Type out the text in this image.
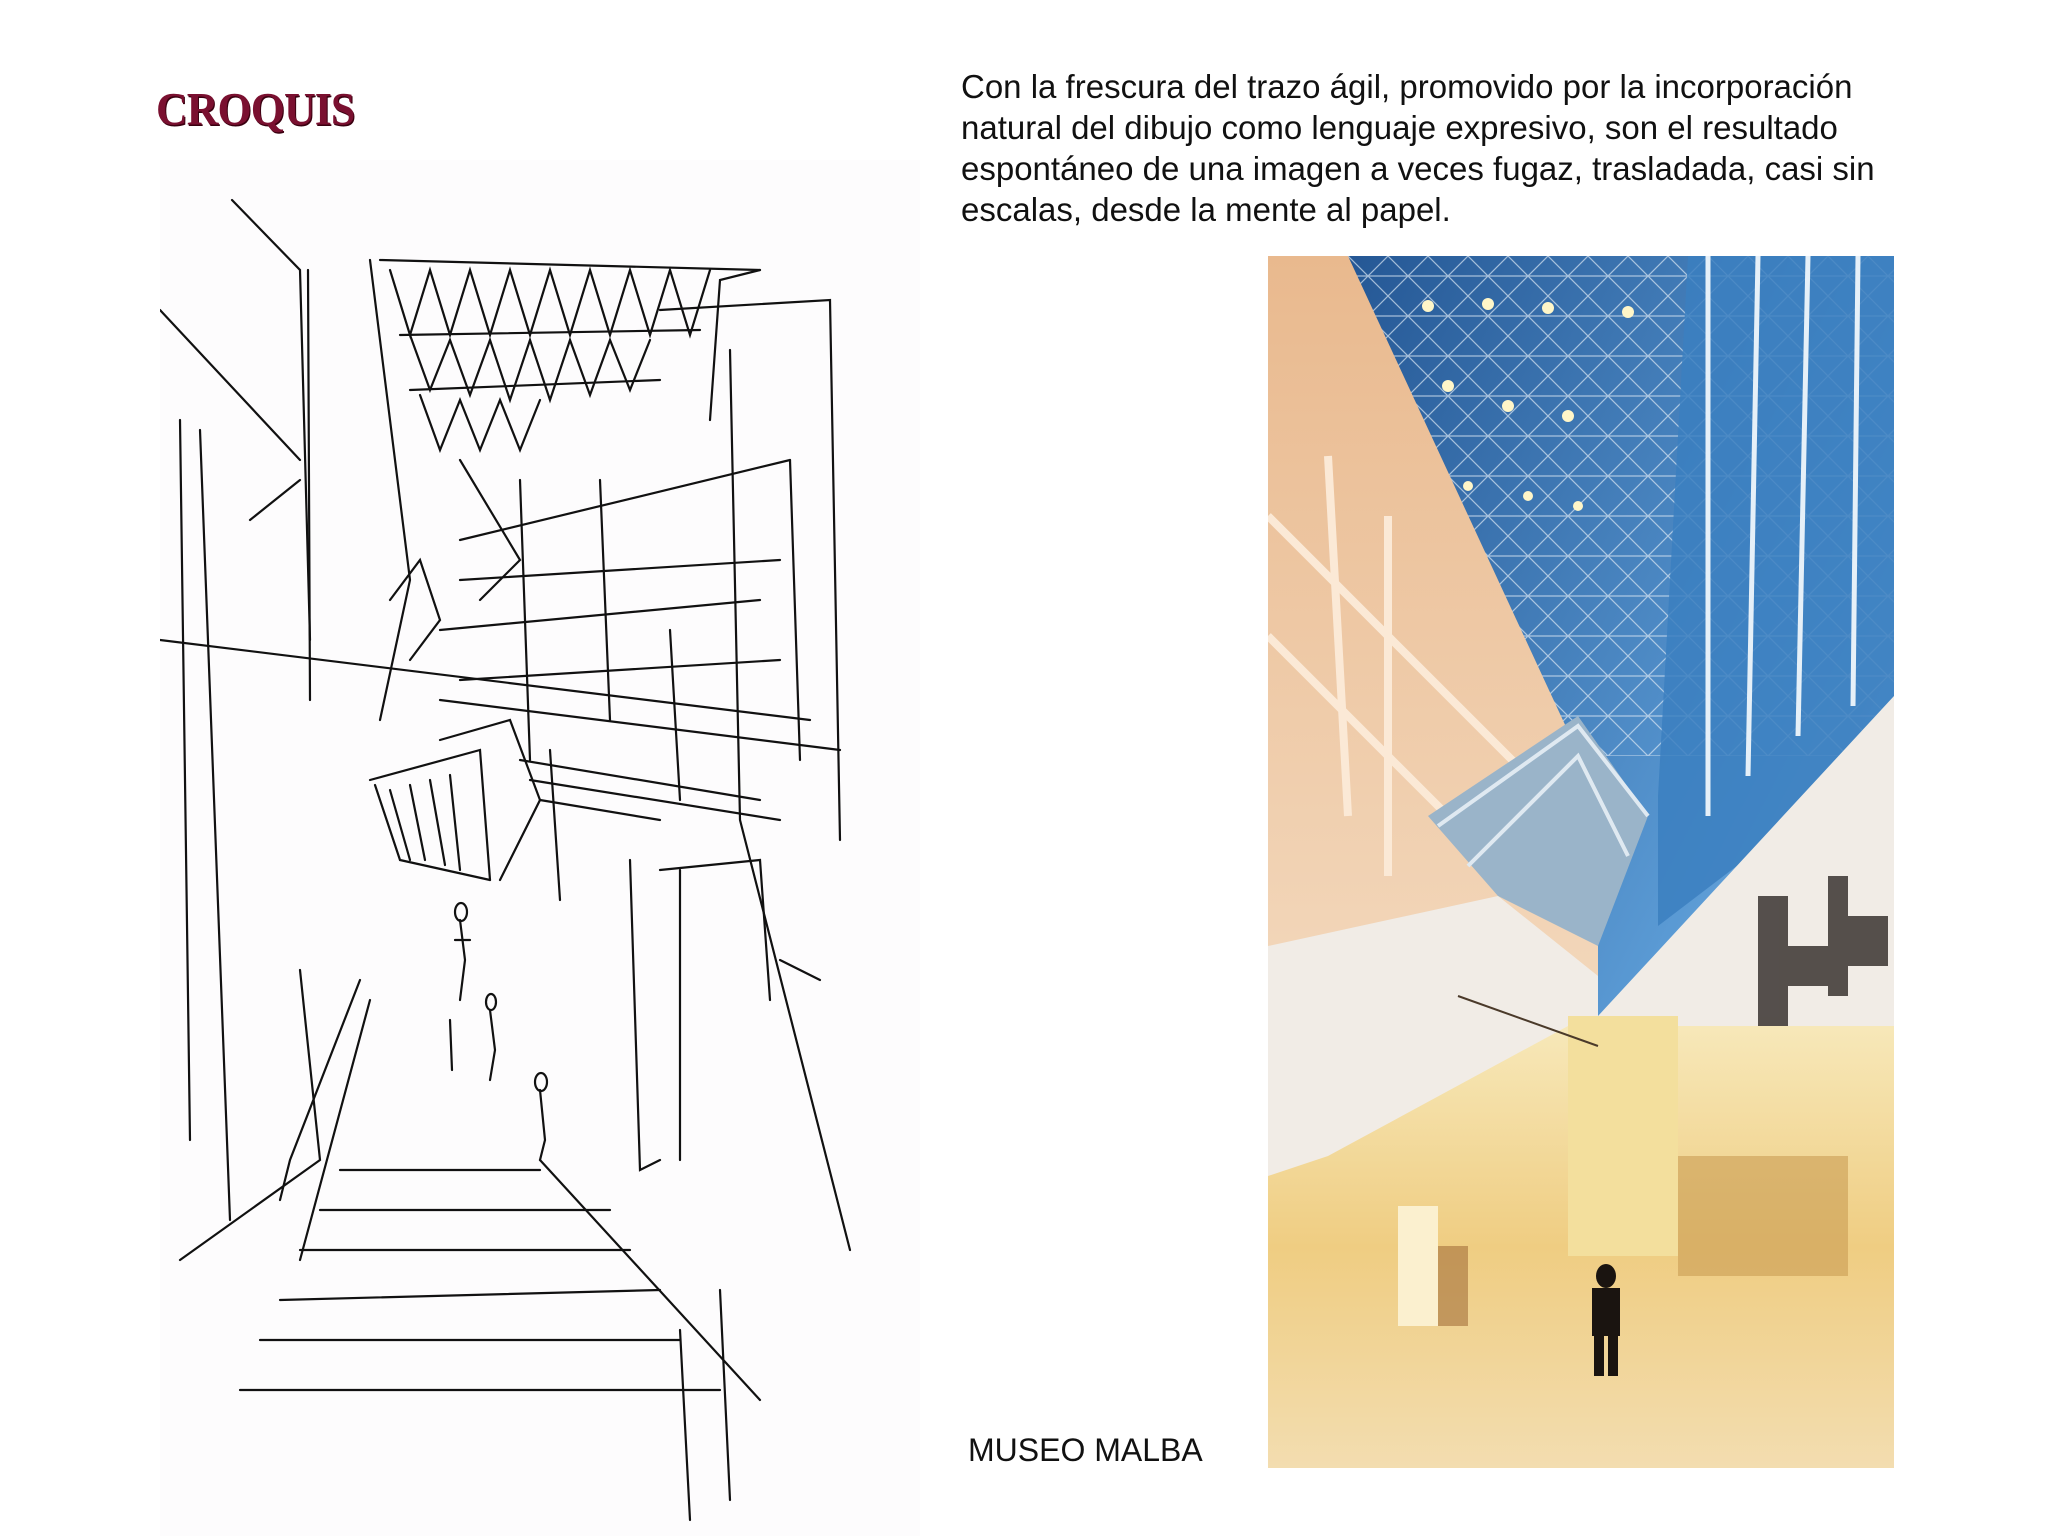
CROQUIS	Con la frescura del trazo ágil, promovido por la incorporación natural del dibujo como lenguaje expresivo, son el resultado espontáneo de una imagen a veces fugaz, trasladada, casi sin escalas, desde la mente al papel.
MUSEO MALBA
